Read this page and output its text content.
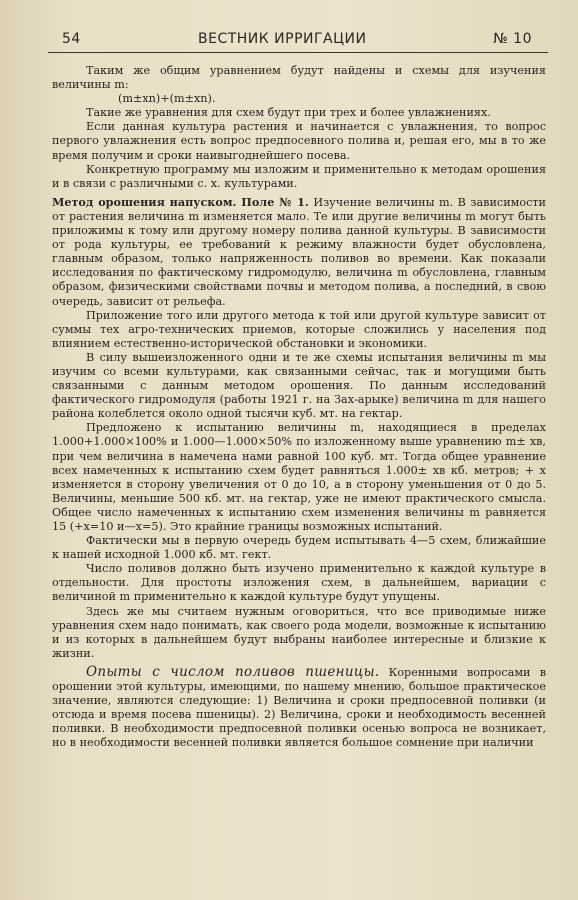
54	ВЕСТНИК ИРРИГАЦИИ	№ 10

Таким же общим уравнением будут найдены и схемы для изучения величины m:

(m±xn)+(m±xn).

Такие же уравнения для схем будут при трех и более увлажнениях.

Если данная культура растения и начинается с увлажнения, то вопрос первого увлажнения есть вопрос предпосевного полива и, решая его, мы в то же время получим и сроки наивыгоднейшего посева.

Конкретную программу мы изложим и применительно к методам орошения и в связи с различными с. х. культурами.

Метод орошения напуском. Поле № 1. Изучение величины m. В зависимости от растения величина m изменяется мало. Те или другие величины m могут быть приложимы к тому или другому номеру полива данной культуры. В зависимости от рода культуры, ее требований к режиму влажности будет обусловлена, главным образом, только напряженность поливов во времени. Как показали исследования по фактическому гидромодулю, величина m обусловлена, главным образом, физическими свойствами почвы и методом полива, а последний, в свою очередь, зависит от рельефа.

Приложение того или другого метода к той или другой культуре зависит от суммы тех агро-технических приемов, которые сложились у населения под влиянием естественно-исторической обстановки и экономики.

В силу вышеизложенного одни и те же схемы испытания величины m мы изучим со всеми культурами, как связанными сейчас, так и могущими быть связанными с данным методом орошения. По данным исследований фактического гидромодуля (работы 1921 г. на Зах-арыке) величина m для нашего района колеблется около одной тысячи куб. мт. на гектар.

Предложено к испытанию величины m, находящиеся в пределах 1.000+1.000×100% и 1.000—1.000×50% по изложенному выше уравнению m± xв, при чем величина в намечена нами равной 100 куб. мт. Тогда общее уравнение всех намеченных к испытанию схем будет равняться 1.000± xв кб. метров; + x изменяется в сторону увеличения от 0 до 10, а в сторону уменьшения от 0 до 5. Величины, меньшие 500 кб. мт. на гектар, уже не имеют практического смысла. Общее число намеченных к испытанию схем изменения величины m равняется 15 (+x=10 и—x=5). Это крайние границы возможных испытаний.

Фактически мы в первую очередь будем испытывать 4—5 схем, ближайшие к нашей исходной 1.000 кб. мт. гект.

Число поливов должно быть изучено применительно к каждой культуре в отдельности. Для простоты изложения схем, в дальнейшем, вариации с величиной m применительно к каждой культуре будут упущены.

Здесь же мы считаем нужным оговориться, что все приводимые ниже уравнения схем надо понимать, как своего рода модели, возможные к испытанию и из которых в дальнейшем будут выбраны наиболее интересные и близкие к жизни.

Опыты с числом поливов пшеницы. Коренными вопросами в орошении этой культуры, имеющими, по нашему мнению, большое практическое значение, являются следующие: 1) Величина и сроки предпосевной поливки (и отсюда и время посева пшеницы). 2) Величина, сроки и необходимость весенней поливки. В необходимости предпосевной поливки осенью вопроса не возникает, но в необходимости весенней поливки является большое сомнение при наличии
